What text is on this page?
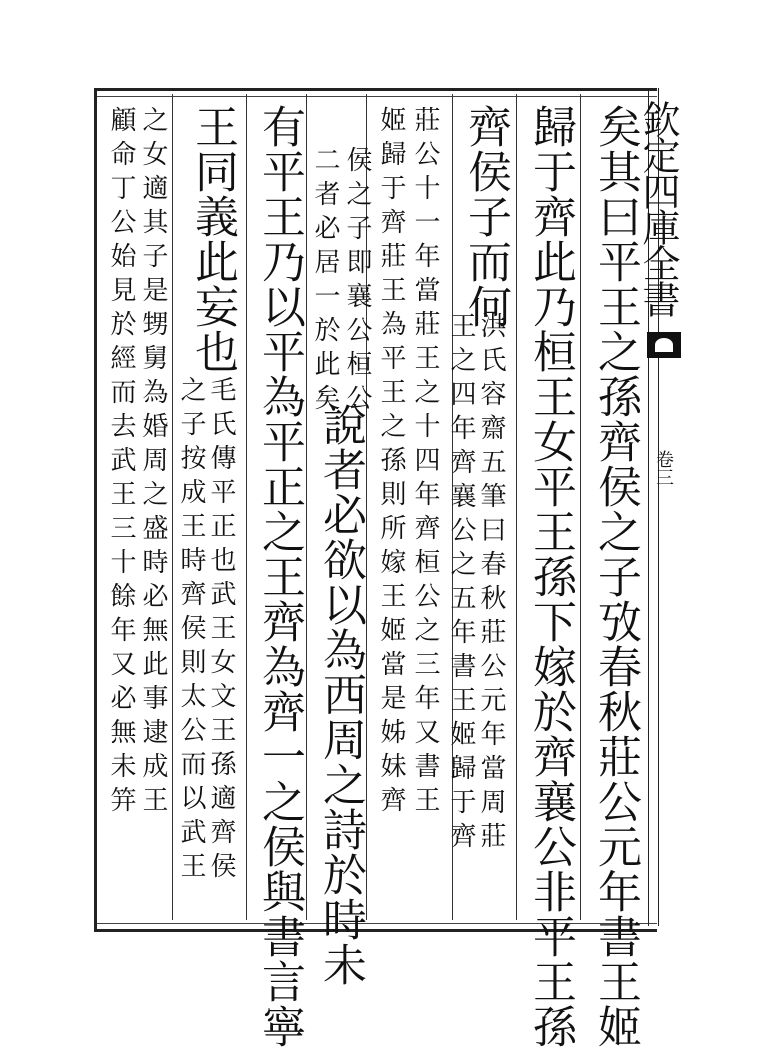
欽定四庫全書
卷三
矣其曰平王之孫齊侯之子攷春秋莊公元年書王姬
歸于齊此乃桓王女平王孫下嫁於齊襄公非平王孫
齊侯子而何
洪氏容齋五筆曰春秋莊公元年當周莊
王之四年齊襄公之五年書王姬歸于齊
莊公十一年當莊王之十四年齊桓公之三年又書王
姬歸于齊莊王為平王之孫則所嫁王姬當是姊妹齊
侯之子即襄公桓公
二者必居一於此矣
說者必欲以為西周之詩於時未
有平王乃以平為平正之王齊為齊一之侯與書言寧
王同義此妄也
毛氏傳平正也武王女文王孫適齊侯
之子按成王時齊侯則太公而以武王
之女適其子是甥舅為婚周之盛時必無此事逮成王
顧命丁公始見於經而去武王三十餘年又必無未笄
